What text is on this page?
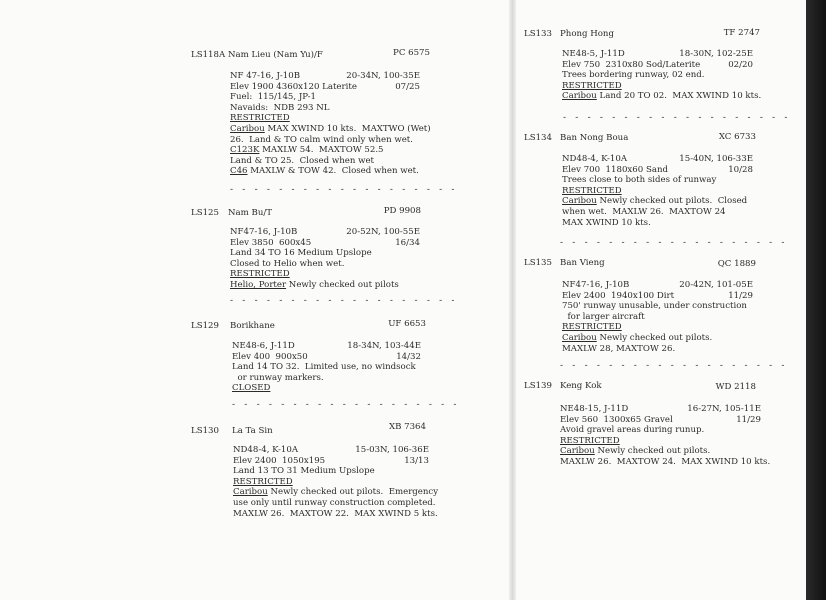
LS118A Nam Lieu (Nam Yu)/F	PC 6575
NF 47-16, J-10B	20-34N, 100-35E
Elev 1900 4360x120 Laterite	07/25
Fuel:  115/145, JP-1
Navaids:  NDB 293 NL
RESTRICTED
Caribou MAX XWIND 10 kts.  MAXTWO (Wet)
26.  Land & TO calm wind only when wet.
C123K MAXLW 54.  MAXTOW 52.5
Land & TO 25.  Closed when wet
C46 MAXLW & TOW 42.  Closed when wet.
- - - - - - - - - - - - - - - - - - -
LS125 Nam Bu/T	PD 9908
NF47-16, J-10B	20-52N, 100-55E
Elev 3850  600x45	16/34
Land 34 TO 16 Medium Upslope
Closed to Helio when wet.
RESTRICTED
Helio, Porter Newly checked out pilots
- - - - - - - - - - - - - - - - - - -
LS129 Borikhane	UF 6653
NE48-6, J-11D	18-34N, 103-44E
Elev 400  900x50	14/32
Land 14 TO 32.  Limited use, no windsock
or runway markers.
CLOSED
- - - - - - - - - - - - - - - - - - -
LS130 La Ta Sin	XB 7364
ND48-4, K-10A	15-03N, 106-36E
Elev 2400  1050x195	13/13
Land 13 TO 31 Medium Upslope
RESTRICTED
Caribou Newly checked out pilots.  Emergency
use only until runway construction completed.
MAXLW 26.  MAXTOW 22.  MAX XWIND 5 kts.
LS133 Phong Hong	TF 2747
NE48-5, J-11D	18-30N, 102-25E
Elev 750  2310x80 Sod/Laterite	02/20
Trees bordering runway, 02 end.
RESTRICTED
Caribou Land 20 TO 02.  MAX XWIND 10 kts.
- - - - - - - - - - - - - - - - - - -
LS134 Ban Nong Boua	XC 6733
ND48-4, K-10A	15-40N, 106-33E
Elev 700  1180x60 Sand	10/28
Trees close to both sides of runway
RESTRICTED
Caribou Newly checked out pilots.  Closed
when wet.  MAXLW 26.  MAXTOW 24
MAX XWIND 10 kts.
- - - - - - - - - - - - - - - - - - -
LS135 Ban Vieng	QC 1889
NF47-16, J-10B	20-42N, 101-05E
Elev 2400  1940x100 Dirt	11/29
750' runway unusable, under construction
for larger aircraft
RESTRICTED
Caribou Newly checked out pilots.
MAXLW 28, MAXTOW 26.
- - - - - - - - - - - - - - - - - - -
LS139 Keng Kok	WD 2118
NE48-15, J-11D	16-27N, 105-11E
Elev 560  1300x65 Gravel	11/29
Avoid gravel areas during runup.
RESTRICTED
Caribou Newly checked out pilots.
MAXLW 26.  MAXTOW 24.  MAX XWIND 10 kts.
